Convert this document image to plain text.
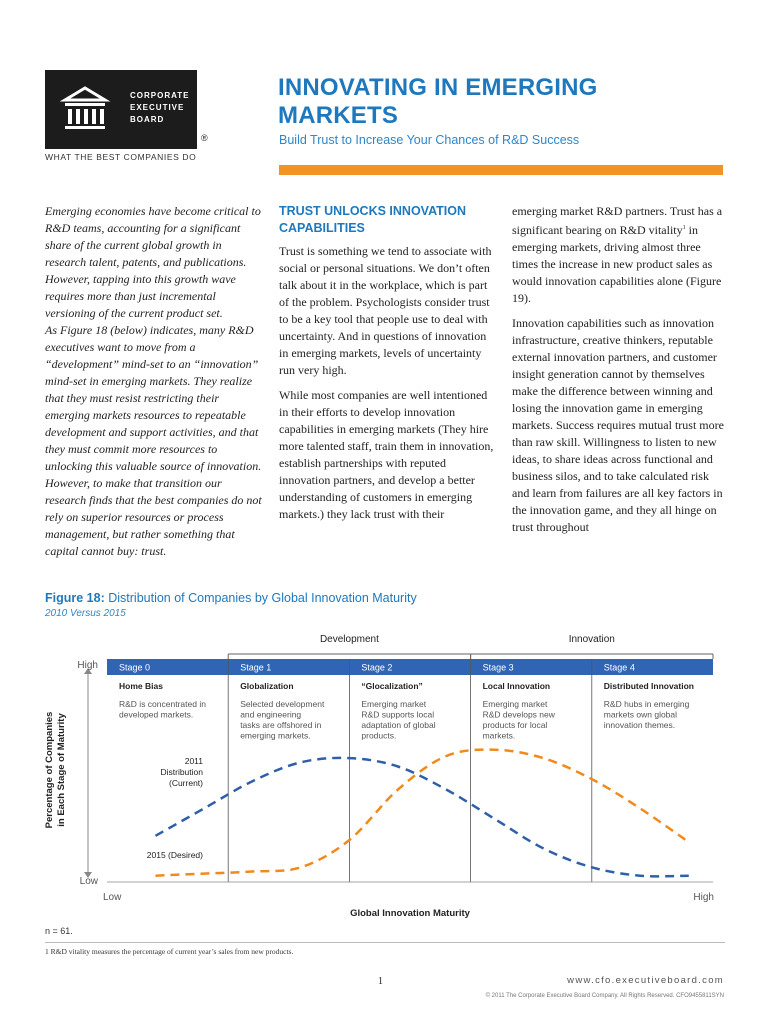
CORPORATE
EXECUTIVE
BOARD
®
WHAT THE BEST COMPANIES DO
INNOVATING IN EMERGING
MARKETS
Build Trust to Increase Your Chances of R&D Success
Emerging economies have become critical to R&D teams, accounting for a significant share of the current global growth in research talent, patents, and publications. However, tapping into this growth wave requires more than just incremental versioning of the current product set.
As Figure 18 (below) indicates, many R&D executives want to move from a “development” mind-set to an “innovation” mind-set in emerging markets. They realize that they must resist restricting their emerging markets resources to repeatable development and support activities, and that they must commit more resources to unlocking this valuable source of innovation. However, to make that transition our research finds that the best companies do not rely on superior resources or process management, but rather something that capital cannot buy: trust.
TRUST UNLOCKS INNOVATION CAPABILITIES

Trust is something we tend to associate with social or personal situations. We don’t often talk about it in the workplace, which is part of the problem. Psychologists consider trust to be a key tool that people use to deal with uncertainty. And in questions of innovation in emerging markets, levels of uncertainty run very high.

While most companies are well intentioned in their efforts to develop innovation capabilities in emerging markets (They hire more talented staff, train them in innovation, establish partnerships with reputed innovation partners, and develop a better understanding of customers in emerging markets.) they lack trust with their

emerging market R&D partners. Trust has a significant bearing on R&D vitality$^1$ in emerging markets, driving almost three times the increase in new product sales as would innovation capabilities alone (Figure 19).

Innovation capabilities such as innovation infrastructure, creative thinkers, reputable external innovation partners, and customer insight generation cannot by themselves make the difference between winning and losing the innovation game in emerging markets. Success requires mutual trust more than raw skill. Willingness to listen to new ideas, to share ideas across functional and business silos, and to take calculated risk and learn from failures are all key factors in the innovation game, and they all hinge on trust throughout

Figure 18: Distribution of Companies by Global Innovation Maturity
2010 Versus 2015
Development	Innovation
Stage 0
Home Bias
R&D is concentrated in
developed markets.
Stage 1
Globalization
Selected development
and engineering
tasks are offshored in
emerging markets.
Stage 2
“Glocalization”
Emerging market
R&D supports local
adaptation of global
products.
Stage 3
Local Innovation
Emerging market
R&D develops new
products for local
markets.
Stage 4
Distributed Innovation
R&D hubs in emerging
markets own global
innovation themes.
High
Low
Percentage of Companies in Each Stage of Maturity
Low	High
Global Innovation Maturity
2011
Distribution
(Current)
2015 (Desired)
n = 61.
1 R&D vitality measures the percentage of current year’s sales from new products.
1	www.cfo.executiveboard.com
© 2011 The Corporate Executive Board Company. All Rights Reserved. CFO9455811SYN
